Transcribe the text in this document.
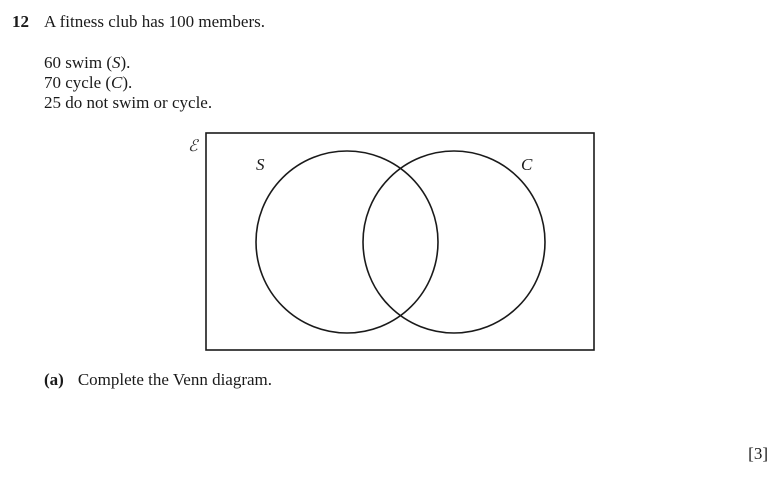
12 A fitness club has 100 members.
60 swim (S).
70 cycle (C).
25 do not swim or cycle.
ℰ
S	C
(a) Complete the Venn diagram.
[3]
